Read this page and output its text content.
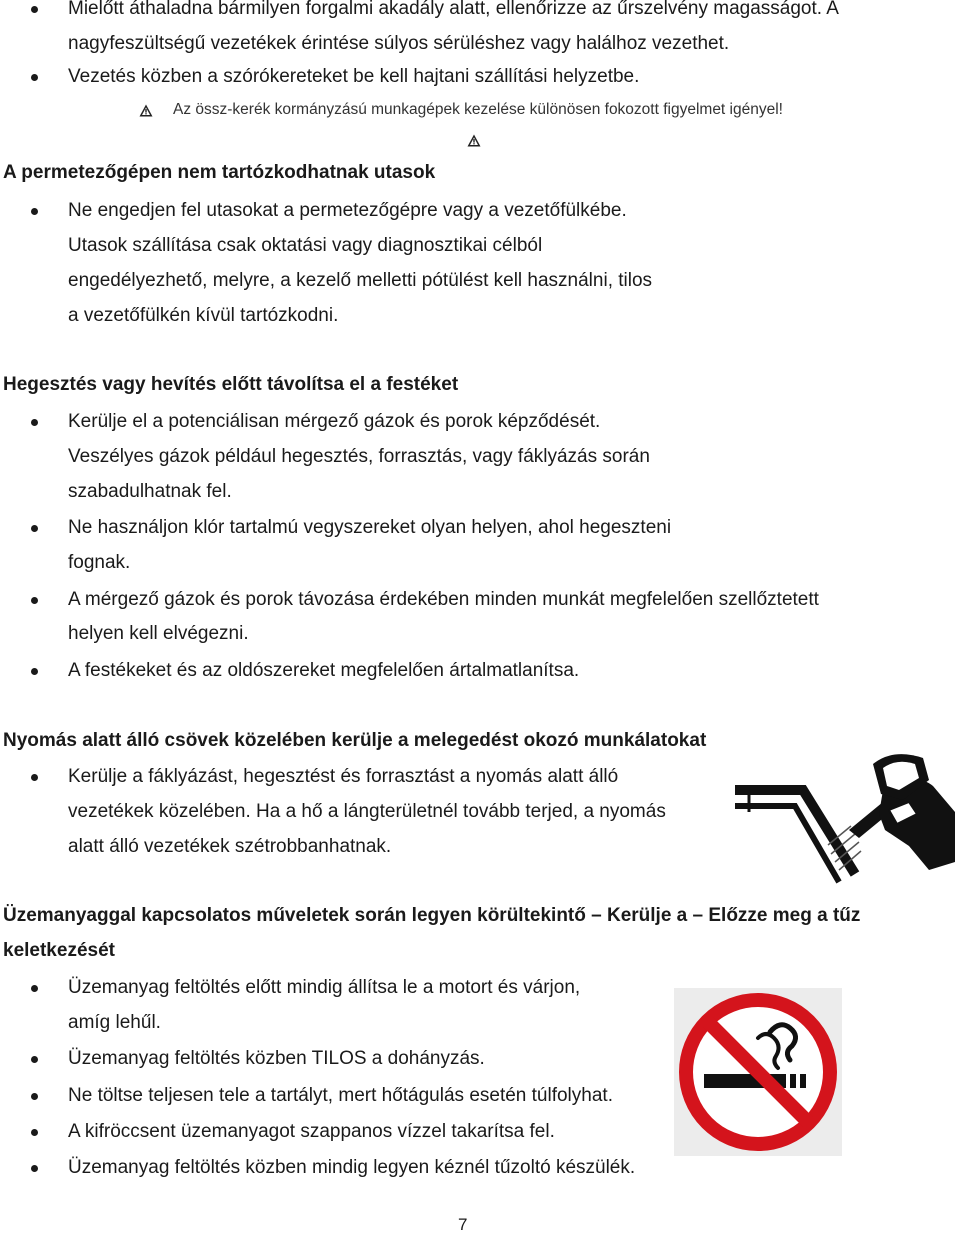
Mielőtt áthaladna bármilyen forgalmi akadály alatt, ellenőrizze az űrszelvény magasságot. A
nagyfeszültségű vezetékek érintése súlyos sérüléshez vagy halálhoz vezethet.
Vezetés közben a szórókereteket be kell hajtani szállítási helyzetbe.
Az össz-kerék kormányzású munkagépek kezelése különösen fokozott figyelmet igényel!
A permetezőgépen nem tartózkodhatnak utasok
Ne engedjen fel utasokat a permetezőgépre vagy a vezetőfülkébe.
Utasok szállítása csak oktatási vagy diagnosztikai célból
engedélyezhető, melyre, a kezelő melletti pótülést kell használni, tilos
a vezetőfülkén kívül tartózkodni.
Hegesztés vagy hevítés előtt távolítsa el a festéket
Kerülje el a potenciálisan mérgező gázok és porok képződését.
Veszélyes gázok például hegesztés, forrasztás, vagy fáklyázás során
szabadulhatnak fel.
Ne használjon klór tartalmú vegyszereket olyan helyen, ahol hegeszteni
fognak.
A mérgező gázok és porok távozása érdekében minden munkát megfelelően szellőztetett
helyen kell elvégezni.
A festékeket és az oldószereket megfelelően ártalmatlanítsa.
Nyomás alatt álló csövek közelében kerülje a melegedést okozó munkálatokat
Kerülje a fáklyázást, hegesztést és forrasztást a nyomás alatt álló
vezetékek közelében. Ha a hő a lángterületnél tovább terjed, a nyomás
alatt álló vezetékek szétrobbanhatnak.
Üzemanyaggal kapcsolatos műveletek során legyen körültekintő – Kerülje a – Előzze meg a tűz
keletkezését
Üzemanyag feltöltés előtt mindig állítsa le a motort és várjon,
amíg lehűl.
Üzemanyag feltöltés közben TILOS a dohányzás.
Ne töltse teljesen tele a tartályt, mert hőtágulás esetén túlfolyhat.
A kifröccsent üzemanyagot szappanos vízzel takarítsa fel.
Üzemanyag feltöltés közben mindig legyen kéznél tűzoltó készülék.
7
